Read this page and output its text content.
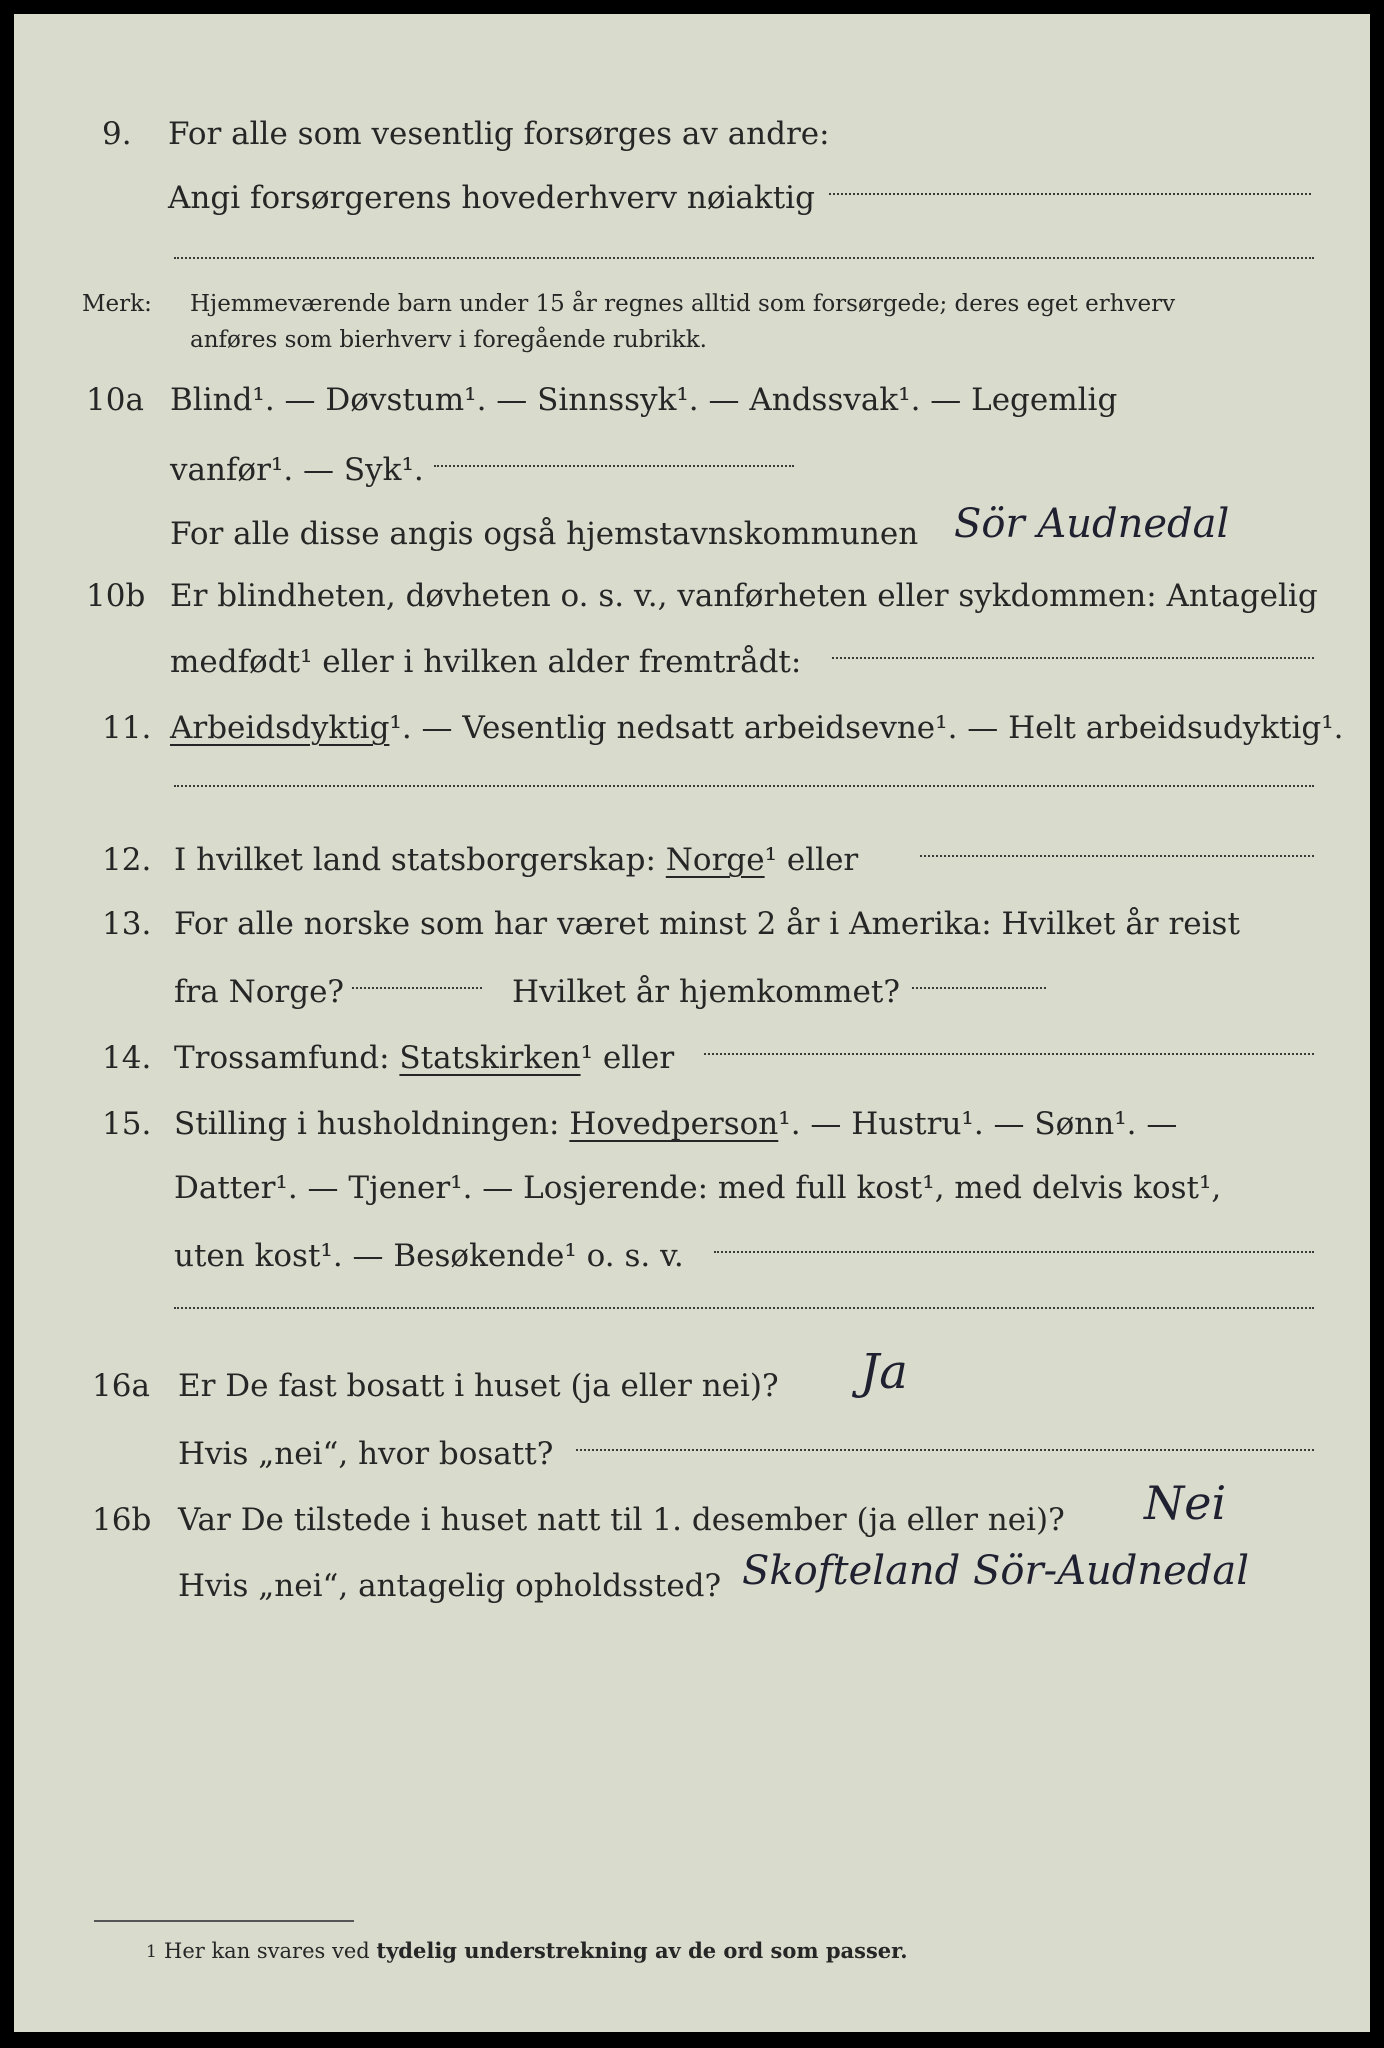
9. For alle som vesentlig forsørges av andre:
Angi forsørgerens hovederhverv nøiaktig
Merk: Hjemmeværende barn under 15 år regnes alltid som forsørgede; deres eget erhverv
anføres som bierhverv i foregående rubrikk.
10a Blind¹. — Døvstum¹. — Sinnssyk¹. — Andssvak¹. — Legemlig
vanfør¹. — Syk¹.
For alle disse angis også hjemstavnskommunen Sör Audnedal
10b Er blindheten, døvheten o. s. v., vanførheten eller sykdommen: Antagelig
medfødt¹ eller i hvilken alder fremtrådt:
11. Arbeidsdyktig¹. — Vesentlig nedsatt arbeidsevne¹. — Helt arbeidsudyktig¹.
12. I hvilket land statsborgerskap: Norge¹ eller
13. For alle norske som har været minst 2 år i Amerika: Hvilket år reist
fra Norge?	Hvilket år hjemkommet?
14. Trossamfund: Statskirken¹ eller
15. Stilling i husholdningen: Hovedperson¹. — Hustru¹. — Sønn¹. —
Datter¹. — Tjener¹. — Losjerende: med full kost¹, med delvis kost¹,
uten kost¹. — Besøkende¹ o. s. v.
16a Er De fast bosatt i huset (ja eller nei)? Ja
Hvis „nei“, hvor bosatt?
16b Var De tilstede i huset natt til 1. desember (ja eller nei)? Nei
Hvis „nei“, antagelig opholdssted? Skofteland Sör-Audnedal
1 Her kan svares ved tydelig understrekning av de ord som passer.
